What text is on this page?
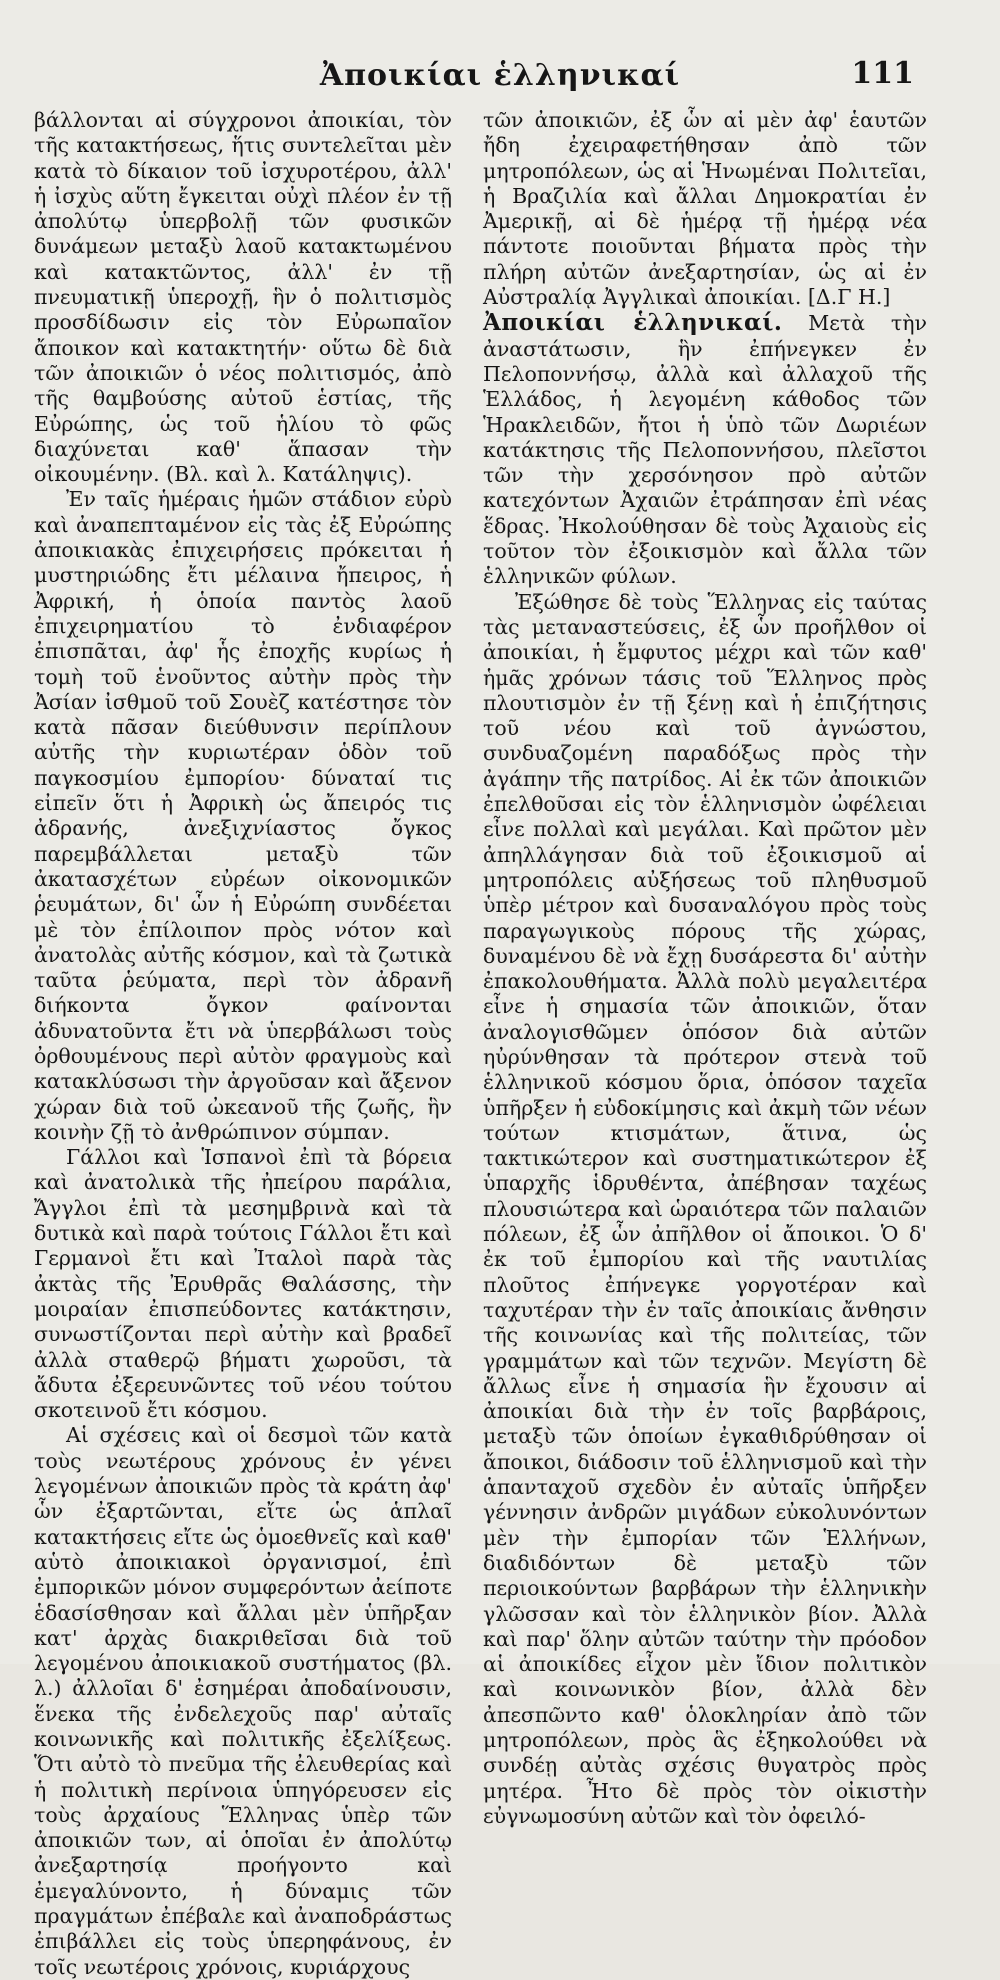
Ἀποικίαι ἑλληνικαί	111

βάλλονται αἱ σύγχρονοι ἀποικίαι, τὸν τῆς κατακτήσεως, ἥτις συντελεῖται μὲν κατὰ τὸ δίκαιον τοῦ ἰσχυροτέρου, ἀλλ' ἡ ἰσχὺς αὕτη ἔγκειται οὐχὶ πλέον ἐν τῇ ἀπολύτῳ ὑπερβολῇ τῶν φυσικῶν δυνάμεων μεταξὺ λαοῦ κατακτωμένου καὶ κατακτῶντος, ἀλλ' ἐν τῇ πνευματικῇ ὑπεροχῇ, ἣν ὁ πολιτισμὸς προσδίδωσιν εἰς τὸν Εὐρωπαῖον ἄποικον καὶ κατακτητήν· οὕτω δὲ διὰ τῶν ἀποικιῶν ὁ νέος πολιτισμός, ἀπὸ τῆς θαμβούσης αὐτοῦ ἑστίας, τῆς Εὐρώπης, ὡς τοῦ ἡλίου τὸ φῶς διαχύνεται καθ' ἅπασαν τὴν οἰκουμένην. (Βλ. καὶ λ. Κατάληψις).

Ἐν ταῖς ἡμέραις ἡμῶν στάδιον εὐρὺ καὶ ἀναπεπταμένον εἰς τὰς ἐξ Εὐρώπης ἀποικιακὰς ἐπιχειρήσεις πρόκειται ἡ μυστηριώδης ἔτι μέλαινα ἤπειρος, ἡ Ἀφρική, ἡ ὁποία παντὸς λαοῦ ἐπιχειρηματίου τὸ ἐνδιαφέρον ἐπισπᾶται, ἀφ' ἧς ἐποχῆς κυρίως ἡ τομὴ τοῦ ἑνοῦντος αὐτὴν πρὸς τὴν Ἀσίαν ἰσθμοῦ τοῦ Σουὲζ κατέστησε τὸν κατὰ πᾶσαν διεύθυνσιν περίπλουν αὐτῆς τὴν κυριωτέραν ὁδὸν τοῦ παγκοσμίου ἐμπορίου· δύναταί τις εἰπεῖν ὅτι ἡ Ἀφρικὴ ὡς ἄπειρός τις ἀδρανής, ἀνεξιχνίαστος ὄγκος παρεμβάλλεται μεταξὺ τῶν ἀκατασχέτων εὐρέων οἰκονομικῶν ῥευμάτων, δι' ὧν ἡ Εὐρώπη συνδέεται μὲ τὸν ἐπίλοιπον πρὸς νότον καὶ ἀνατολὰς αὐτῆς κόσμον, καὶ τὰ ζωτικὰ ταῦτα ῥεύματα, περὶ τὸν ἀδρανῆ διήκοντα ὄγκον φαίνονται ἀδυνατοῦντα ἔτι νὰ ὑπερβάλωσι τοὺς ὀρθουμένους περὶ αὐτὸν φραγμοὺς καὶ κατακλύσωσι τὴν ἀργοῦσαν καὶ ἄξενον χώραν διὰ τοῦ ὠκεανοῦ τῆς ζωῆς, ἣν κοινὴν ζῇ τὸ ἀνθρώπινον σύμπαν.

Γάλλοι καὶ Ἱσπανοὶ ἐπὶ τὰ βόρεια καὶ ἀνατολικὰ τῆς ἠπείρου παράλια, Ἄγγλοι ἐπὶ τὰ μεσημβρινὰ καὶ τὰ δυτικὰ καὶ παρὰ τούτοις Γάλλοι ἔτι καὶ Γερμανοὶ ἔτι καὶ Ἰταλοὶ παρὰ τὰς ἀκτὰς τῆς Ἐρυθρᾶς Θαλάσσης, τὴν μοιραίαν ἐπισπεύδοντες κατάκτησιν, συνωστίζονται περὶ αὐτὴν καὶ βραδεῖ ἀλλὰ σταθερῷ βήματι χωροῦσι, τὰ ἄδυτα ἐξερευνῶντες τοῦ νέου τούτου σκοτεινοῦ ἔτι κόσμου.

Αἱ σχέσεις καὶ οἱ δεσμοὶ τῶν κατὰ τοὺς νεωτέρους χρόνους ἐν γένει λεγομένων ἀποικιῶν πρὸς τὰ κράτη ἀφ' ὧν ἐξαρτῶνται, εἴτε ὡς ἁπλαῖ κατακτήσεις εἴτε ὡς ὁμοεθνεῖς καὶ καθ' αὑτὸ ἀποικιακοὶ ὀργανισμοί, ἐπὶ ἐμπορικῶν μόνον συμφερόντων ἀείποτε ἑδασίσθησαν καὶ ἄλλαι μὲν ὑπῆρξαν κατ' ἀρχὰς διακριθεῖσαι διὰ τοῦ λεγομένου ἀποικιακοῦ συστήματος (βλ. λ.) ἀλλοῖαι δ' ἐσημέραι ἀποδαίνουσιν, ἕνεκα τῆς ἐνδελεχοῦς παρ' αὐταῖς κοινωνικῆς καὶ πολιτικῆς ἐξελίξεως. Ὅτι αὐτὸ τὸ πνεῦμα τῆς ἐλευθερίας καὶ ἡ πολιτικὴ περίνοια ὑπηγόρευσεν εἰς τοὺς ἀρχαίους Ἕλληνας ὑπὲρ τῶν ἀποικιῶν των, αἱ ὁποῖαι ἐν ἀπολύτῳ ἀνεξαρτησίᾳ προήγοντο καὶ ἐμεγαλύνοντο, ἡ δύναμις τῶν πραγμάτων ἐπέβαλε καὶ ἀναποδράστως ἐπιβάλλει εἰς τοὺς ὑπερηφάνους, ἐν τοῖς νεωτέροις χρόνοις, κυριάρχους

τῶν ἀποικιῶν, ἐξ ὧν αἱ μὲν ἀφ' ἑαυτῶν ἤδη ἐχειραφετήθησαν ἀπὸ τῶν μητροπόλεων, ὡς αἱ Ἡνωμέναι Πολιτεῖαι, ἡ Βραζιλία καὶ ἄλλαι Δημοκρατίαι ἐν Ἀμερικῇ, αἱ δὲ ἡμέρᾳ τῇ ἡμέρᾳ νέα πάντοτε ποιοῦνται βήματα πρὸς τὴν πλήρη αὐτῶν ἀνεξαρτησίαν, ὡς αἱ ἐν Αὐστραλίᾳ Ἀγγλικαὶ ἀποικίαι. [Δ.Γ Η.]

Ἀποικίαι ἑλληνικαί. Μετὰ τὴν ἀναστάτωσιν, ἣν ἐπήνεγκεν ἐν Πελοποννήσῳ, ἀλλὰ καὶ ἀλλαχοῦ τῆς Ἑλλάδος, ἡ λεγομένη κάθοδος τῶν Ἡρακλειδῶν, ἤτοι ἡ ὑπὸ τῶν Δωριέων κατάκτησις τῆς Πελοποννήσου, πλεῖστοι τῶν τὴν χερσόνησον πρὸ αὐτῶν κατεχόντων Ἀχαιῶν ἐτράπησαν ἐπὶ νέας ἕδρας. Ἠκολούθησαν δὲ τοὺς Ἀχαιοὺς εἰς τοῦτον τὸν ἐξοικισμὸν καὶ ἄλλα τῶν ἑλληνικῶν φύλων.

Ἐξώθησε δὲ τοὺς Ἕλληνας εἰς ταύτας τὰς μεταναστεύσεις, ἐξ ὧν προῆλθον οἱ ἀποικίαι, ἡ ἔμφυτος μέχρι καὶ τῶν καθ' ἡμᾶς χρόνων τάσις τοῦ Ἕλληνος πρὸς πλουτισμὸν ἐν τῇ ξένῃ καὶ ἡ ἐπιζήτησις τοῦ νέου καὶ τοῦ ἀγνώστου, συνδυαζομένη παραδόξως πρὸς τὴν ἀγάπην τῆς πατρίδος. Αἱ ἐκ τῶν ἀποικιῶν ἐπελθοῦσαι εἰς τὸν ἑλληνισμὸν ὠφέλειαι εἶνε πολλαὶ καὶ μεγάλαι. Καὶ πρῶτον μὲν ἀπηλλάγησαν διὰ τοῦ ἐξοικισμοῦ αἱ μητροπόλεις αὐξήσεως τοῦ πληθυσμοῦ ὑπὲρ μέτρον καὶ δυσαναλόγου πρὸς τοὺς παραγωγικοὺς πόρους τῆς χώρας, δυναμένου δὲ νὰ ἔχῃ δυσάρεστα δι' αὐτὴν ἐπακολουθήματα. Ἀλλὰ πολὺ μεγαλειτέρα εἶνε ἡ σημασία τῶν ἀποικιῶν, ὅταν ἀναλογισθῶμεν ὁπόσον διὰ αὐτῶν ηὐρύνθησαν τὰ πρότερον στενὰ τοῦ ἑλληνικοῦ κόσμου ὅρια, ὁπόσον ταχεῖα ὑπῆρξεν ἡ εὐδοκίμησις καὶ ἀκμὴ τῶν νέων τούτων κτισμάτων, ἅτινα, ὡς τακτικώτερον καὶ συστηματικώτερον ἐξ ὑπαρχῆς ἱδρυθέντα, ἀπέβησαν ταχέως πλουσιώτερα καὶ ὡραιότερα τῶν παλαιῶν πόλεων, ἐξ ὧν ἀπῆλθον οἱ ἄποικοι. Ὁ δ' ἐκ τοῦ ἐμπορίου καὶ τῆς ναυτιλίας πλοῦτος ἐπήνεγκε γοργοτέραν καὶ ταχυτέραν τὴν ἐν ταῖς ἀποικίαις ἄνθησιν τῆς κοινωνίας καὶ τῆς πολιτείας, τῶν γραμμάτων καὶ τῶν τεχνῶν. Μεγίστη δὲ ἄλλως εἶνε ἡ σημασία ἣν ἔχουσιν αἱ ἀποικίαι διὰ τὴν ἐν τοῖς βαρβάροις, μεταξὺ τῶν ὁποίων ἐγκαθιδρύθησαν οἱ ἄποικοι, διάδοσιν τοῦ ἑλληνισμοῦ καὶ τὴν ἁπανταχοῦ σχεδὸν ἐν αὐταῖς ὑπῆρξεν γέννησιν ἀνδρῶν μιγάδων εὐκολυνόντων μὲν τὴν ἐμπορίαν τῶν Ἑλλήνων, διαδιδόντων δὲ μεταξὺ τῶν περιοικούντων βαρβάρων τὴν ἑλληνικὴν γλῶσσαν καὶ τὸν ἑλληνικὸν βίον. Ἀλλὰ καὶ παρ' ὅλην αὐτῶν ταύτην τὴν πρόοδον αἱ ἀποικίδες εἶχον μὲν ἴδιον πολιτικὸν καὶ κοινωνικὸν βίον, ἀλλὰ δὲν ἀπεσπῶντο καθ' ὁλοκληρίαν ἀπὸ τῶν μητροπόλεων, πρὸς ἃς ἐξηκολούθει νὰ συνδέῃ αὐτὰς σχέσις θυγατρὸς πρὸς μητέρα. Ἦτο δὲ πρὸς τὸν οἰκιστὴν εὐγνωμοσύνη αὐτῶν καὶ τὸν ὀφειλό-
